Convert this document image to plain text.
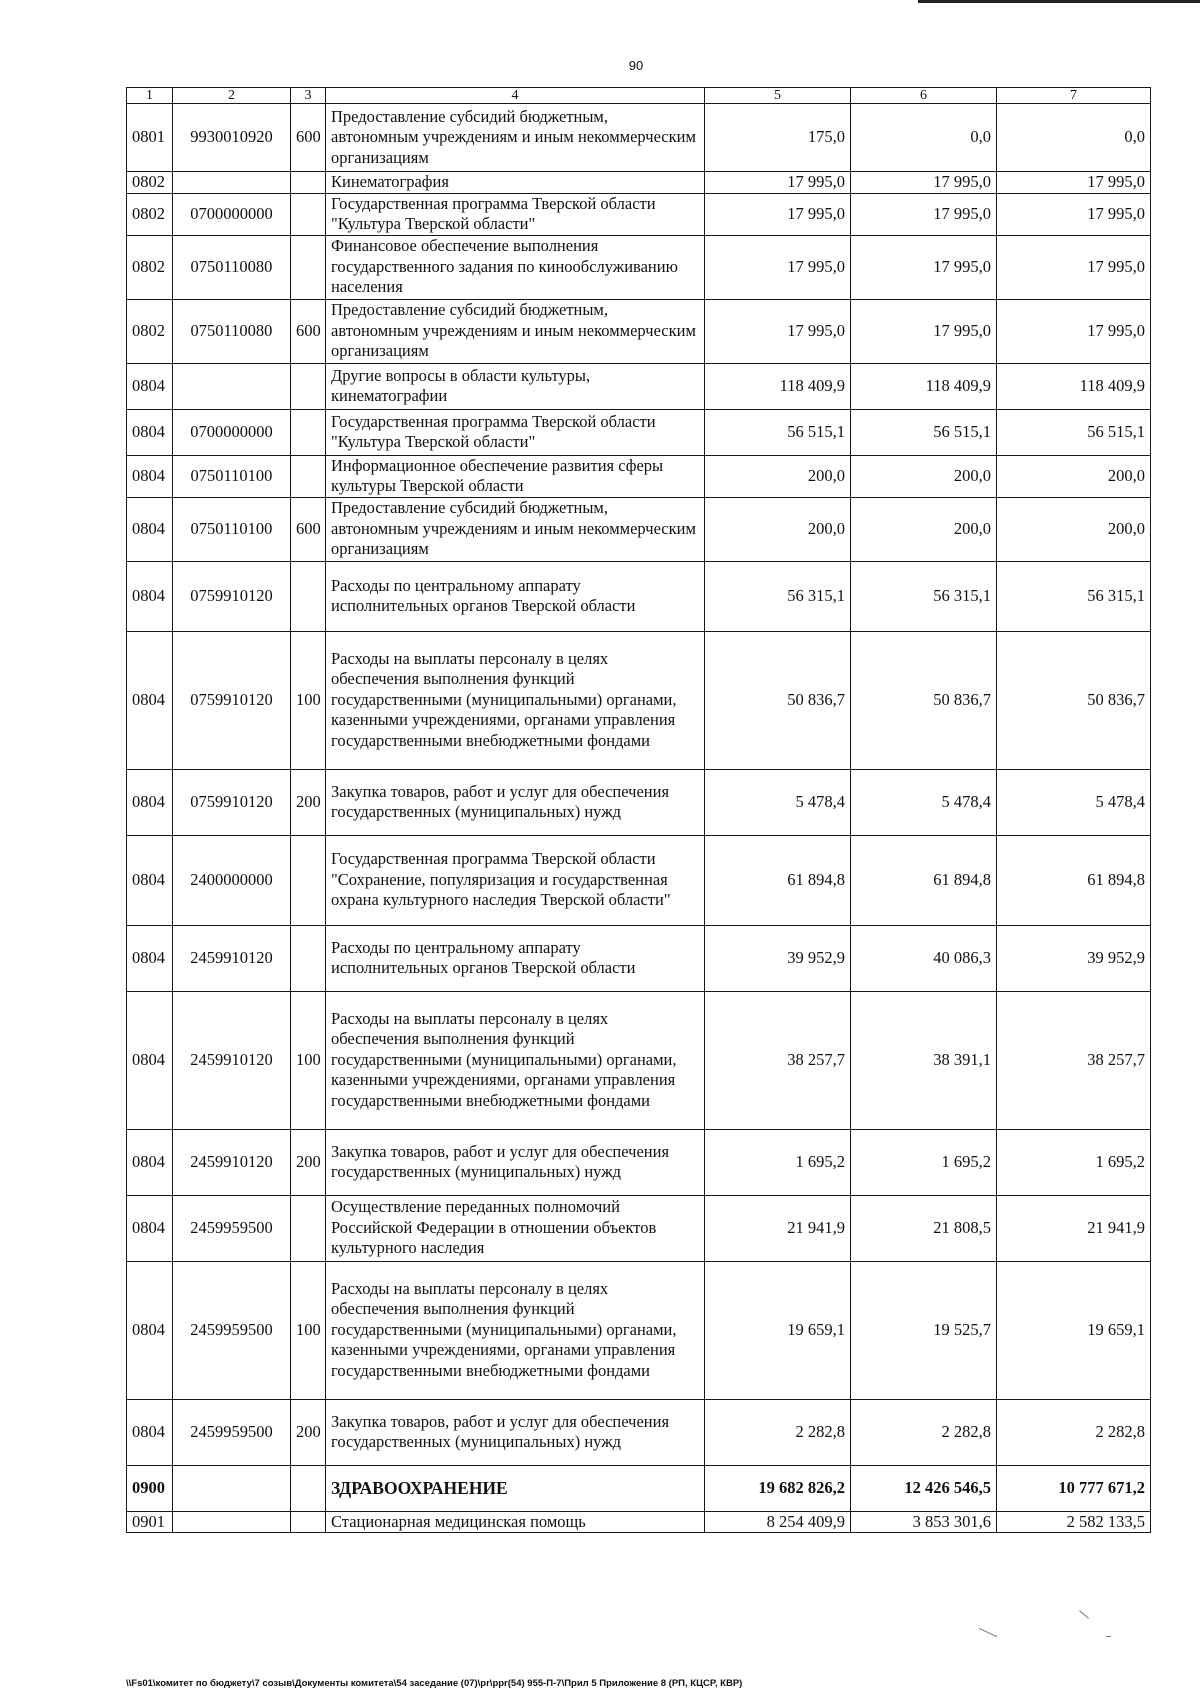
90
1	2	3	4	5	6	7
0801	9930010920	600	Предоставление субсидий бюджетным, автономным учреждениям и иным некоммерческим организациям	175,0	0,0	0,0
0802			Кинематография	17 995,0	17 995,0	17 995,0
0802	0700000000		Государственная программа Тверской области "Культура Тверской области"	17 995,0	17 995,0	17 995,0
0802	0750110080		Финансовое обеспечение выполнения государственного задания по кинообслуживанию населения	17 995,0	17 995,0	17 995,0
0802	0750110080	600	Предоставление субсидий бюджетным, автономным учреждениям и иным некоммерческим организациям	17 995,0	17 995,0	17 995,0
0804			Другие вопросы в области культуры, кинематографии	118 409,9	118 409,9	118 409,9
0804	0700000000		Государственная программа Тверской области "Культура Тверской области"	56 515,1	56 515,1	56 515,1
0804	0750110100		Информационное обеспечение развития сферы культуры Тверской области	200,0	200,0	200,0
0804	0750110100	600	Предоставление субсидий бюджетным, автономным учреждениям и иным некоммерческим организациям	200,0	200,0	200,0
0804	0759910120		Расходы по центральному аппарату исполнительных органов Тверской области	56 315,1	56 315,1	56 315,1
0804	0759910120	100	Расходы на выплаты персоналу в целях обеспечения выполнения функций государственными (муниципальными) органами, казенными учреждениями, органами управления государственными внебюджетными фондами	50 836,7	50 836,7	50 836,7
0804	0759910120	200	Закупка товаров, работ и услуг для обеспечения государственных (муниципальных) нужд	5 478,4	5 478,4	5 478,4
0804	2400000000		Государственная программа Тверской области "Сохранение, популяризация и государственная охрана культурного наследия Тверской области"	61 894,8	61 894,8	61 894,8
0804	2459910120		Расходы по центральному аппарату исполнительных органов Тверской области	39 952,9	40 086,3	39 952,9
0804	2459910120	100	Расходы на выплаты персоналу в целях обеспечения выполнения функций государственными (муниципальными) органами, казенными учреждениями, органами управления государственными внебюджетными фондами	38 257,7	38 391,1	38 257,7
0804	2459910120	200	Закупка товаров, работ и услуг для обеспечения государственных (муниципальных) нужд	1 695,2	1 695,2	1 695,2
0804	2459959500		Осуществление переданных полномочий Российской Федерации в отношении объектов культурного наследия	21 941,9	21 808,5	21 941,9
0804	2459959500	100	Расходы на выплаты персоналу в целях обеспечения выполнения функций государственными (муниципальными) органами, казенными учреждениями, органами управления государственными внебюджетными фондами	19 659,1	19 525,7	19 659,1
0804	2459959500	200	Закупка товаров, работ и услуг для обеспечения государственных (муниципальных) нужд	2 282,8	2 282,8	2 282,8
0900			ЗДРАВООХРАНЕНИЕ	19 682 826,2	12 426 546,5	10 777 671,2
0901			Стационарная медицинская помощь	8 254 409,9	3 853 301,6	2 582 133,5
\\Fs01\комитет по бюджету\7 созыв\Документы комитета\54 заседание (07)\pr\ppr(54) 955-П-7\Прил 5 Приложение 8 (РП, КЦСР, КВР)
